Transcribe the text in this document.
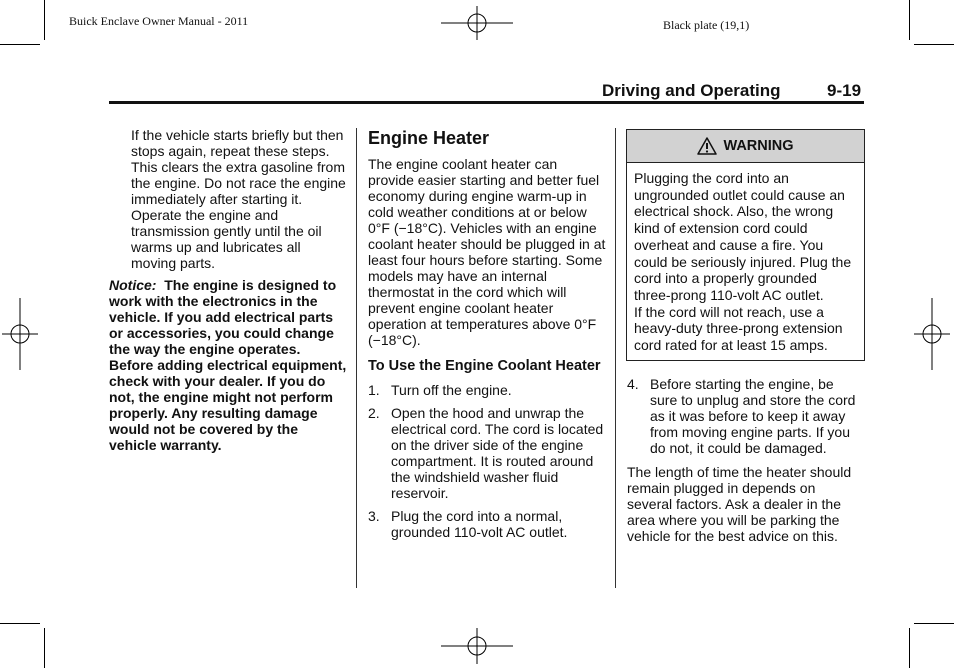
Buick Enclave Owner Manual - 2011	Black plate (19,1)
Driving and Operating	9-19

If the vehicle starts briefly but then stops again, repeat these steps. This clears the extra gasoline from the engine. Do not race the engine immediately after starting it. Operate the engine and transmission gently until the oil warms up and lubricates all moving parts.

Notice: The engine is designed to work with the electronics in the vehicle. If you add electrical parts or accessories, you could change the way the engine operates. Before adding electrical equipment, check with your dealer. If you do not, the engine might not perform properly. Any resulting damage would not be covered by the vehicle warranty.

Engine Heater

The engine coolant heater can provide easier starting and better fuel economy during engine warm-up in cold weather conditions at or below 0°F (−18°C). Vehicles with an engine coolant heater should be plugged in at least four hours before starting. Some models may have an internal thermostat in the cord which will prevent engine coolant heater operation at temperatures above 0°F (−18°C).

To Use the Engine Coolant Heater
1. Turn off the engine.
2. Open the hood and unwrap the electrical cord. The cord is located on the driver side of the engine compartment. It is routed around the windshield washer fluid reservoir.
3. Plug the cord into a normal, grounded 110-volt AC outlet.
WARNING
Plugging the cord into an ungrounded outlet could cause an electrical shock. Also, the wrong kind of extension cord could overheat and cause a fire. You could be seriously injured. Plug the cord into a properly grounded three-prong 110-volt AC outlet.
If the cord will not reach, use a heavy-duty three-prong extension cord rated for at least 15 amps.
4. Before starting the engine, be sure to unplug and store the cord as it was before to keep it away from moving engine parts. If you do not, it could be damaged.

The length of time the heater should remain plugged in depends on several factors. Ask a dealer in the area where you will be parking the vehicle for the best advice on this.
